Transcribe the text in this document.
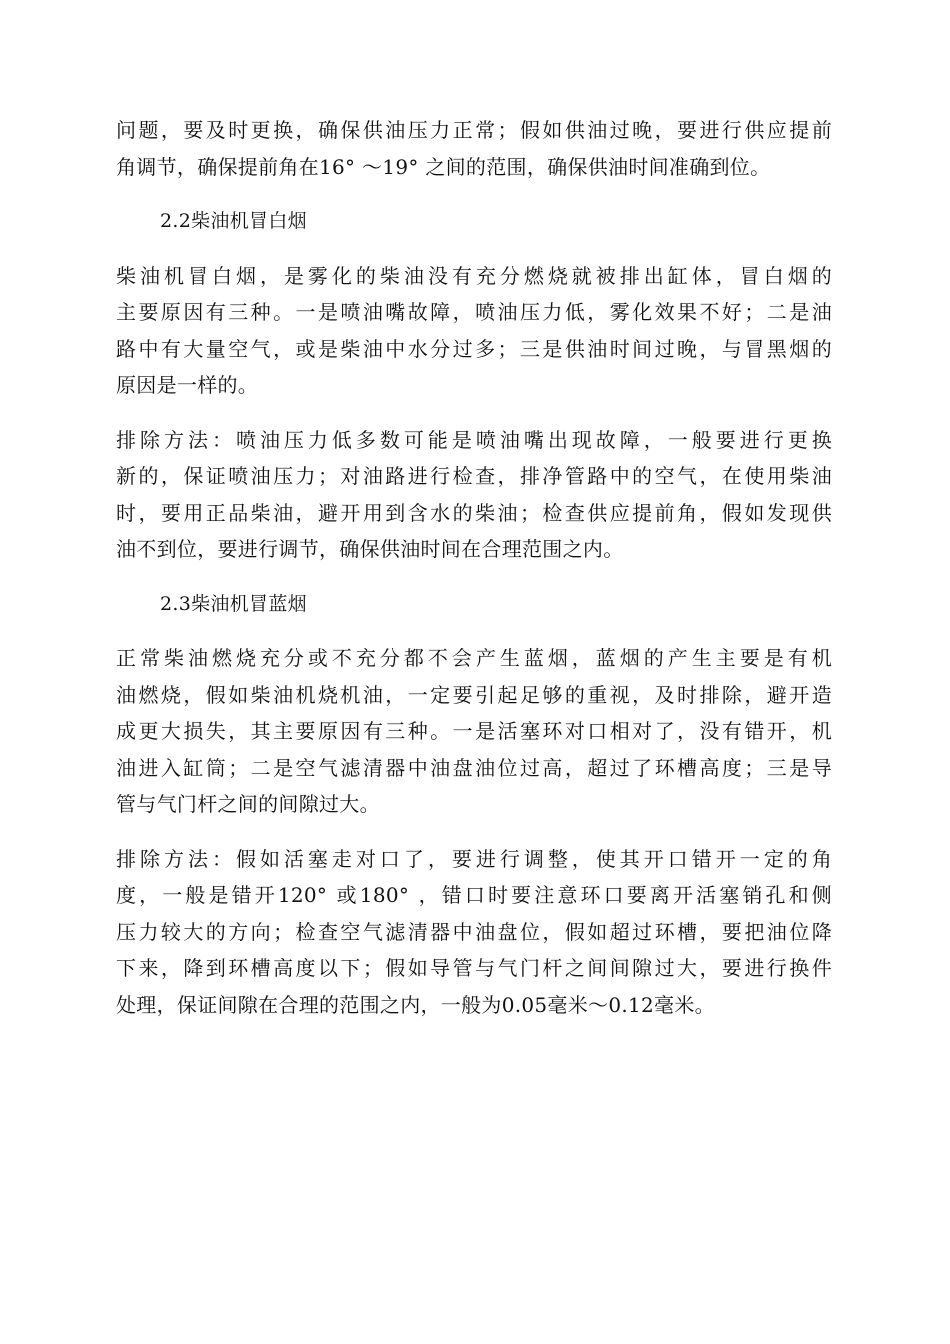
问题，要及时更换，确保供油压力正常；假如供油过晚，要进行供应提前
角调节，确保提前角在16° ～19° 之间的范围，确保供油时间准确到位。
2.2柴油机冒白烟
柴油机冒白烟，是雾化的柴油没有充分燃烧就被排出缸体，冒白烟的
主要原因有三种。一是喷油嘴故障，喷油压力低，雾化效果不好；二是油
路中有大量空气，或是柴油中水分过多；三是供油时间过晚，与冒黑烟的
原因是一样的。
排除方法：喷油压力低多数可能是喷油嘴出现故障，一般要进行更换
新的，保证喷油压力；对油路进行检查，排净管路中的空气，在使用柴油
时，要用正品柴油，避开用到含水的柴油；检查供应提前角，假如发现供
油不到位，要进行调节，确保供油时间在合理范围之内。
2.3柴油机冒蓝烟
正常柴油燃烧充分或不充分都不会产生蓝烟，蓝烟的产生主要是有机
油燃烧，假如柴油机烧机油，一定要引起足够的重视，及时排除，避开造
成更大损失，其主要原因有三种。一是活塞环对口相对了，没有错开，机
油进入缸筒；二是空气滤清器中油盘油位过高，超过了环槽高度；三是导
管与气门杆之间的间隙过大。
排除方法：假如活塞走对口了，要进行调整，使其开口错开一定的角
度，一般是错开120° 或180° ，错口时要注意环口要离开活塞销孔和侧
压力较大的方向；检查空气滤清器中油盘位，假如超过环槽，要把油位降
下来，降到环槽高度以下；假如导管与气门杆之间间隙过大，要进行换件
处理，保证间隙在合理的范围之内，一般为0.05毫米～0.12毫米。
